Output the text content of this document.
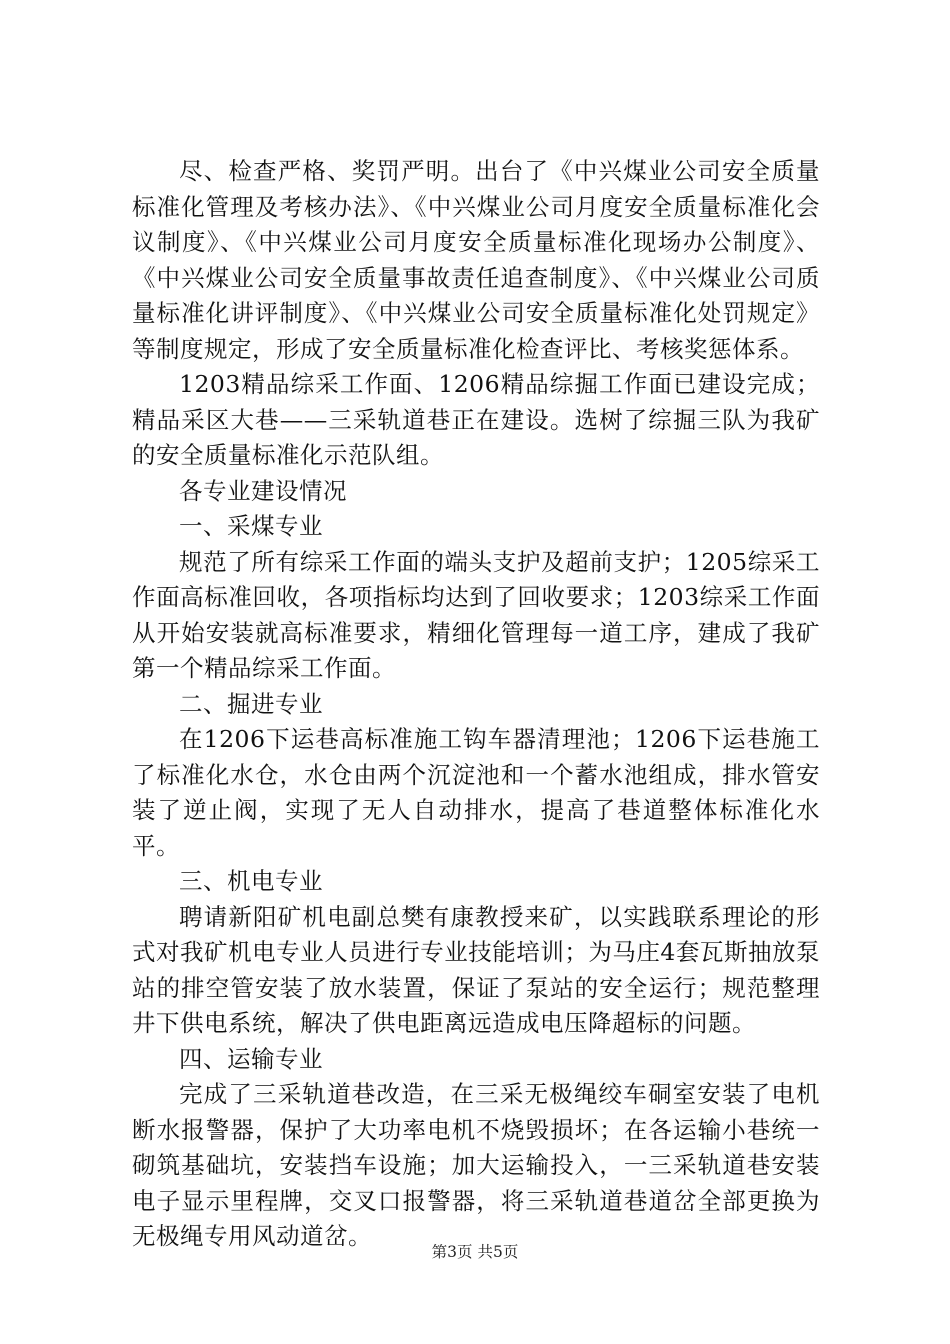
尽、检查严格、奖罚严明。出台了《中兴煤业公司安全质量标准化管理及考核办法》、《中兴煤业公司月度安全质量标准化会议制度》、《中兴煤业公司月度安全质量标准化现场办公制度》、《中兴煤业公司安全质量事故责任追查制度》、《中兴煤业公司质量标准化讲评制度》、《中兴煤业公司安全质量标准化处罚规定》等制度规定，形成了安全质量标准化检查评比、考核奖惩体系。

1203精品综采工作面、1206精品综掘工作面已建设完成；精品采区大巷——三采轨道巷正在建设。选树了综掘三队为我矿的安全质量标准化示范队组。

各专业建设情况

一、采煤专业

规范了所有综采工作面的端头支护及超前支护；1205综采工作面高标准回收，各项指标均达到了回收要求；1203综采工作面从开始安装就高标准要求，精细化管理每一道工序，建成了我矿第一个精品综采工作面。

二、掘进专业

在1206下运巷高标准施工钩车器清理池；1206下运巷施工了标准化水仓，水仓由两个沉淀池和一个蓄水池组成，排水管安装了逆止阀，实现了无人自动排水，提高了巷道整体标准化水平。

三、机电专业

聘请新阳矿机电副总樊有康教授来矿，以实践联系理论的形式对我矿机电专业人员进行专业技能培训；为马庄4套瓦斯抽放泵站的排空管安装了放水装置，保证了泵站的安全运行；规范整理井下供电系统，解决了供电距离远造成电压降超标的问题。

四、运输专业

完成了三采轨道巷改造，在三采无极绳绞车硐室安装了电机断水报警器，保护了大功率电机不烧毁损坏；在各运输小巷统一砌筑基础坑，安装挡车设施；加大运输投入，一三采轨道巷安装电子显示里程牌，交叉口报警器，将三采轨道巷道岔全部更换为无极绳专用风动道岔。

第3页 共5页
